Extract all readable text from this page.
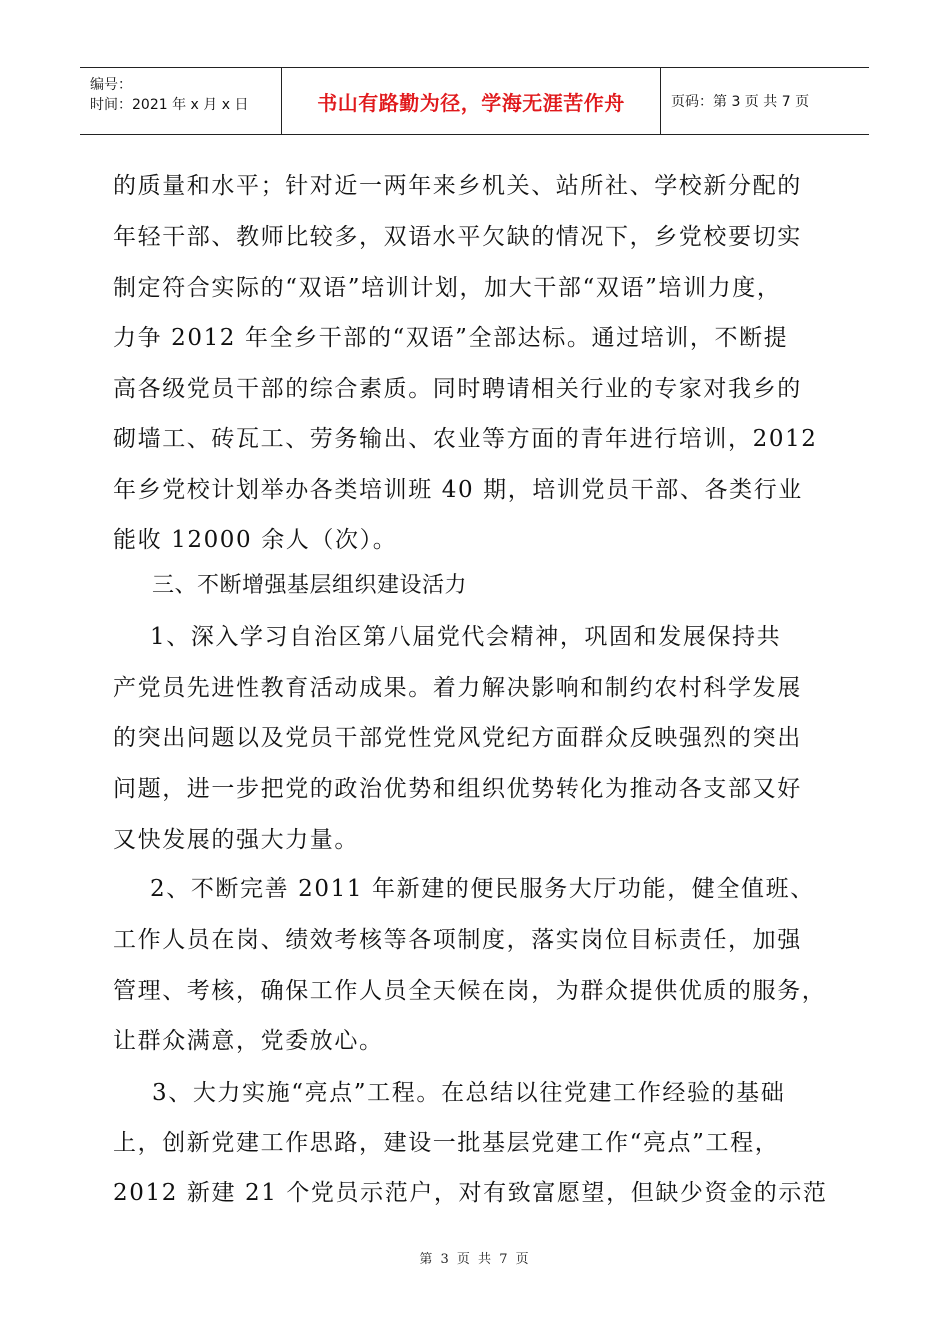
编号：
时间：2021 年 x 月 x 日	书山有路勤为径，学海无涯苦作舟	页码：第 3 页 共 7 页
的质量和水平；针对近一两年来乡机关、站所社、学校新分配的
年轻干部、教师比较多，双语水平欠缺的情况下，乡党校要切实
制定符合实际的“双语”培训计划，加大干部“双语”培训力度，
力争 2012 年全乡干部的“双语”全部达标。通过培训，不断提
高各级党员干部的综合素质。同时聘请相关行业的专家对我乡的
砌墙工、砖瓦工、劳务输出、农业等方面的青年进行培训，2012
年乡党校计划举办各类培训班 40 期，培训党员干部、各类行业
能收 12000 余人（次）。
三、不断增强基层组织建设活力
1、深入学习自治区第八届党代会精神，巩固和发展保持共
产党员先进性教育活动成果。着力解决影响和制约农村科学发展
的突出问题以及党员干部党性党风党纪方面群众反映强烈的突出
问题，进一步把党的政治优势和组织优势转化为推动各支部又好
又快发展的强大力量。
2、不断完善 2011 年新建的便民服务大厅功能，健全值班、
工作人员在岗、绩效考核等各项制度，落实岗位目标责任，加强
管理、考核，确保工作人员全天候在岗，为群众提供优质的服务，
让群众满意，党委放心。
3、大力实施“亮点”工程。在总结以往党建工作经验的基础
上，创新党建工作思路，建设一批基层党建工作“亮点”工程，
2012 新建 21 个党员示范户，对有致富愿望，但缺少资金的示范
第 3 页 共 7 页
